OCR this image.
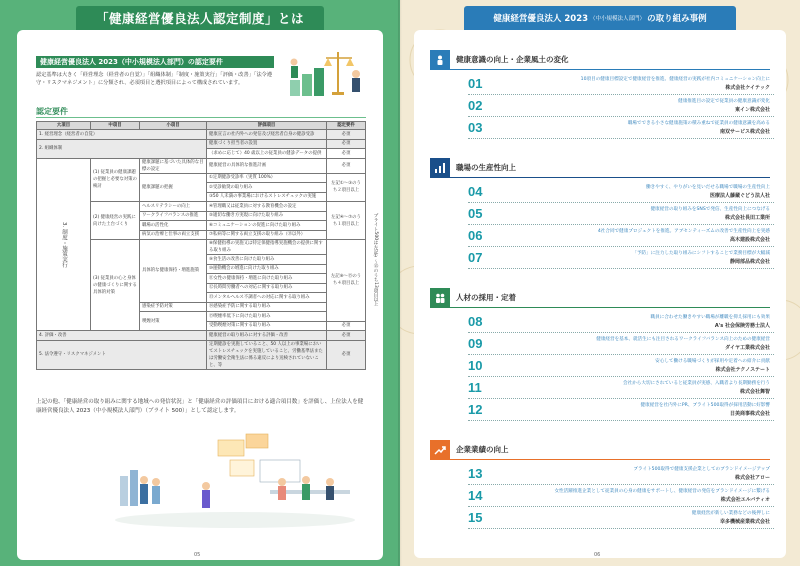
「健康経営優良法人認定制度」とは
健康経営優良法人 2023（中小規模法人部門）の認定要件
認定基準は大きく「経営理念（経営者の自覚）」「組織体制」「制度・施策実行」「評価・改善」「法令遵守・リスクマネジメント」に分類され、必須項目と選択項目によって構成されています。
認定要件
大項目	中項目	小項目	評価項目	認定要件
1. 経営理念（経営者の自覚）			健康宣言の社内外への発信及び経営者自身の健診受診	必須
2. 組織体制			健康づくり担当者の設置	必須
			（求めに応じて）40 歳以上の従業員の健診データの提供	必須
3. 制度・施策実行	(1) 従業員の健康課題の把握と必要な対策の検討	健康課題に基づいた具体的な目標の設定	健康経営の具体的な推進計画	必須
		健康課題の把握	①定期健診受診率（実質 100%）	左記①〜③のうち２項目以上
			②受診勧奨の取り組み	
			③50 人未満の事業場におけるストレスチェックの実施	
	(2) 健康経営の実践に向けた土台づくり	ヘルスリテラシーの向上	④管理職又は従業員に対する教育機会の設定	左記④〜⑦のうち１項目以上
		ワークライフバランスの推進	⑤適切な働き方実現に向けた取り組み	
		職場の活性化	⑥コミュニケーションの促進に向けた取り組み	
		病気の治療と仕事の両立支援	⑦私病等に関する両立支援の取り組み（⑬以外）	
	(3) 従業員の心と身体の健康づくりに関する具体的対策	具体的な健康保持・増進施策	⑧保健指導の実施又は特定保健指導実施機会の提供に関する取り組み	左記⑧〜⑮のうち４項目以上
			⑨食生活の改善に向けた取り組み	
			⑩運動機会の増進に向けた取り組み	
			⑪女性の健康保持・増進に向けた取り組み	
			⑫長時間労働者への対応に関する取り組み	
			⑬メンタルヘルス不調者への対応に関する取り組み	
		感染症予防対策	⑭感染症予防に関する取り組み	
		喫煙対策	⑮喫煙率低下に向けた取り組み	
			受動喫煙対策に関する取り組み	必須
4. 評価・改善			健康経営の取り組みに対する評価・改善	必須
5. 法令遵守・リスクマネジメント			定期健診を実施していること、50 人以上の事業場においてストレスチェックを実施していること、労働基準法または労働安全衛生法に係る違反により送検されていないこと、等	必須
プライト500は左記①〜⑮のうち13項目以上
上記の他、「健康経営の取り組みに関する地域への発信状況」と「健康経営の評価項目における適合項目数」を評価し、上位法人を健康経営優良法人 2023（中小規模法人部門）（ブライト 500）」として認定します。
05
健康経営優良法人 2023 （中小規模法人部門） の取り組み事例
健康意識の向上・企業風土の変化
01	10項目の健康目標設定で健康経営を推進、健康経営の実践が社内コミュニケーション向上に
株式会社ケイテック
02	健康推進目の設定で従業員の健康意識が変化
東イン株式会社
03	職場でできる小さな健康施策の積み重ねで従業員の健康意識を高める
南双サービス株式会社
職場の生産性向上
04	働きやすく、やりがいを見いだせる職場で職場の生産性向上
医療法人藤蔵ぐどう法人社
05	健康経営の取り組みをSNSで発信、生産性向上につなげる
株式会社長田工業所
06	4社合同で健康プロジェクトを推進。アブセンティーズムの改善で生産性向上を実感
高木建設株式会社
07	「予防」に注力した取り組みにシフトすることで業務目標が大幅減
静岡部品株式会社
人材の採用・定着
08	職員に合わせた働きやすい職場が離職を抑え採用にも効果
A's 社会保険労務士法人
09	健康経営を基本、就活生にも注目されるワークライフバランス向上のための健康経営
ダイヤ工業株式会社
10	安心して働ける職場づくりが採用や定着への紹介に貢献
株式会社テクノステート
11	会社から大切にされていると従業員が実感、入職者より長期勤務を行う
株式会社舞智
12	健康経営を社内外にPR、ブライト500取得が採用活動に好影響
日美商事株式会社
企業業績の向上
13	ブライト500取得で健康支援企業としてのブランドイメージアップ
株式会社アロー
14	女性活躍推進企業として従業員の心身の健康をサポートし、健康経営の発信をブランドイメージに繋げる
株式会社エルバティオ
15	健康経営が新しい業務などの後押しに
幸多機械産業株式会社
06
